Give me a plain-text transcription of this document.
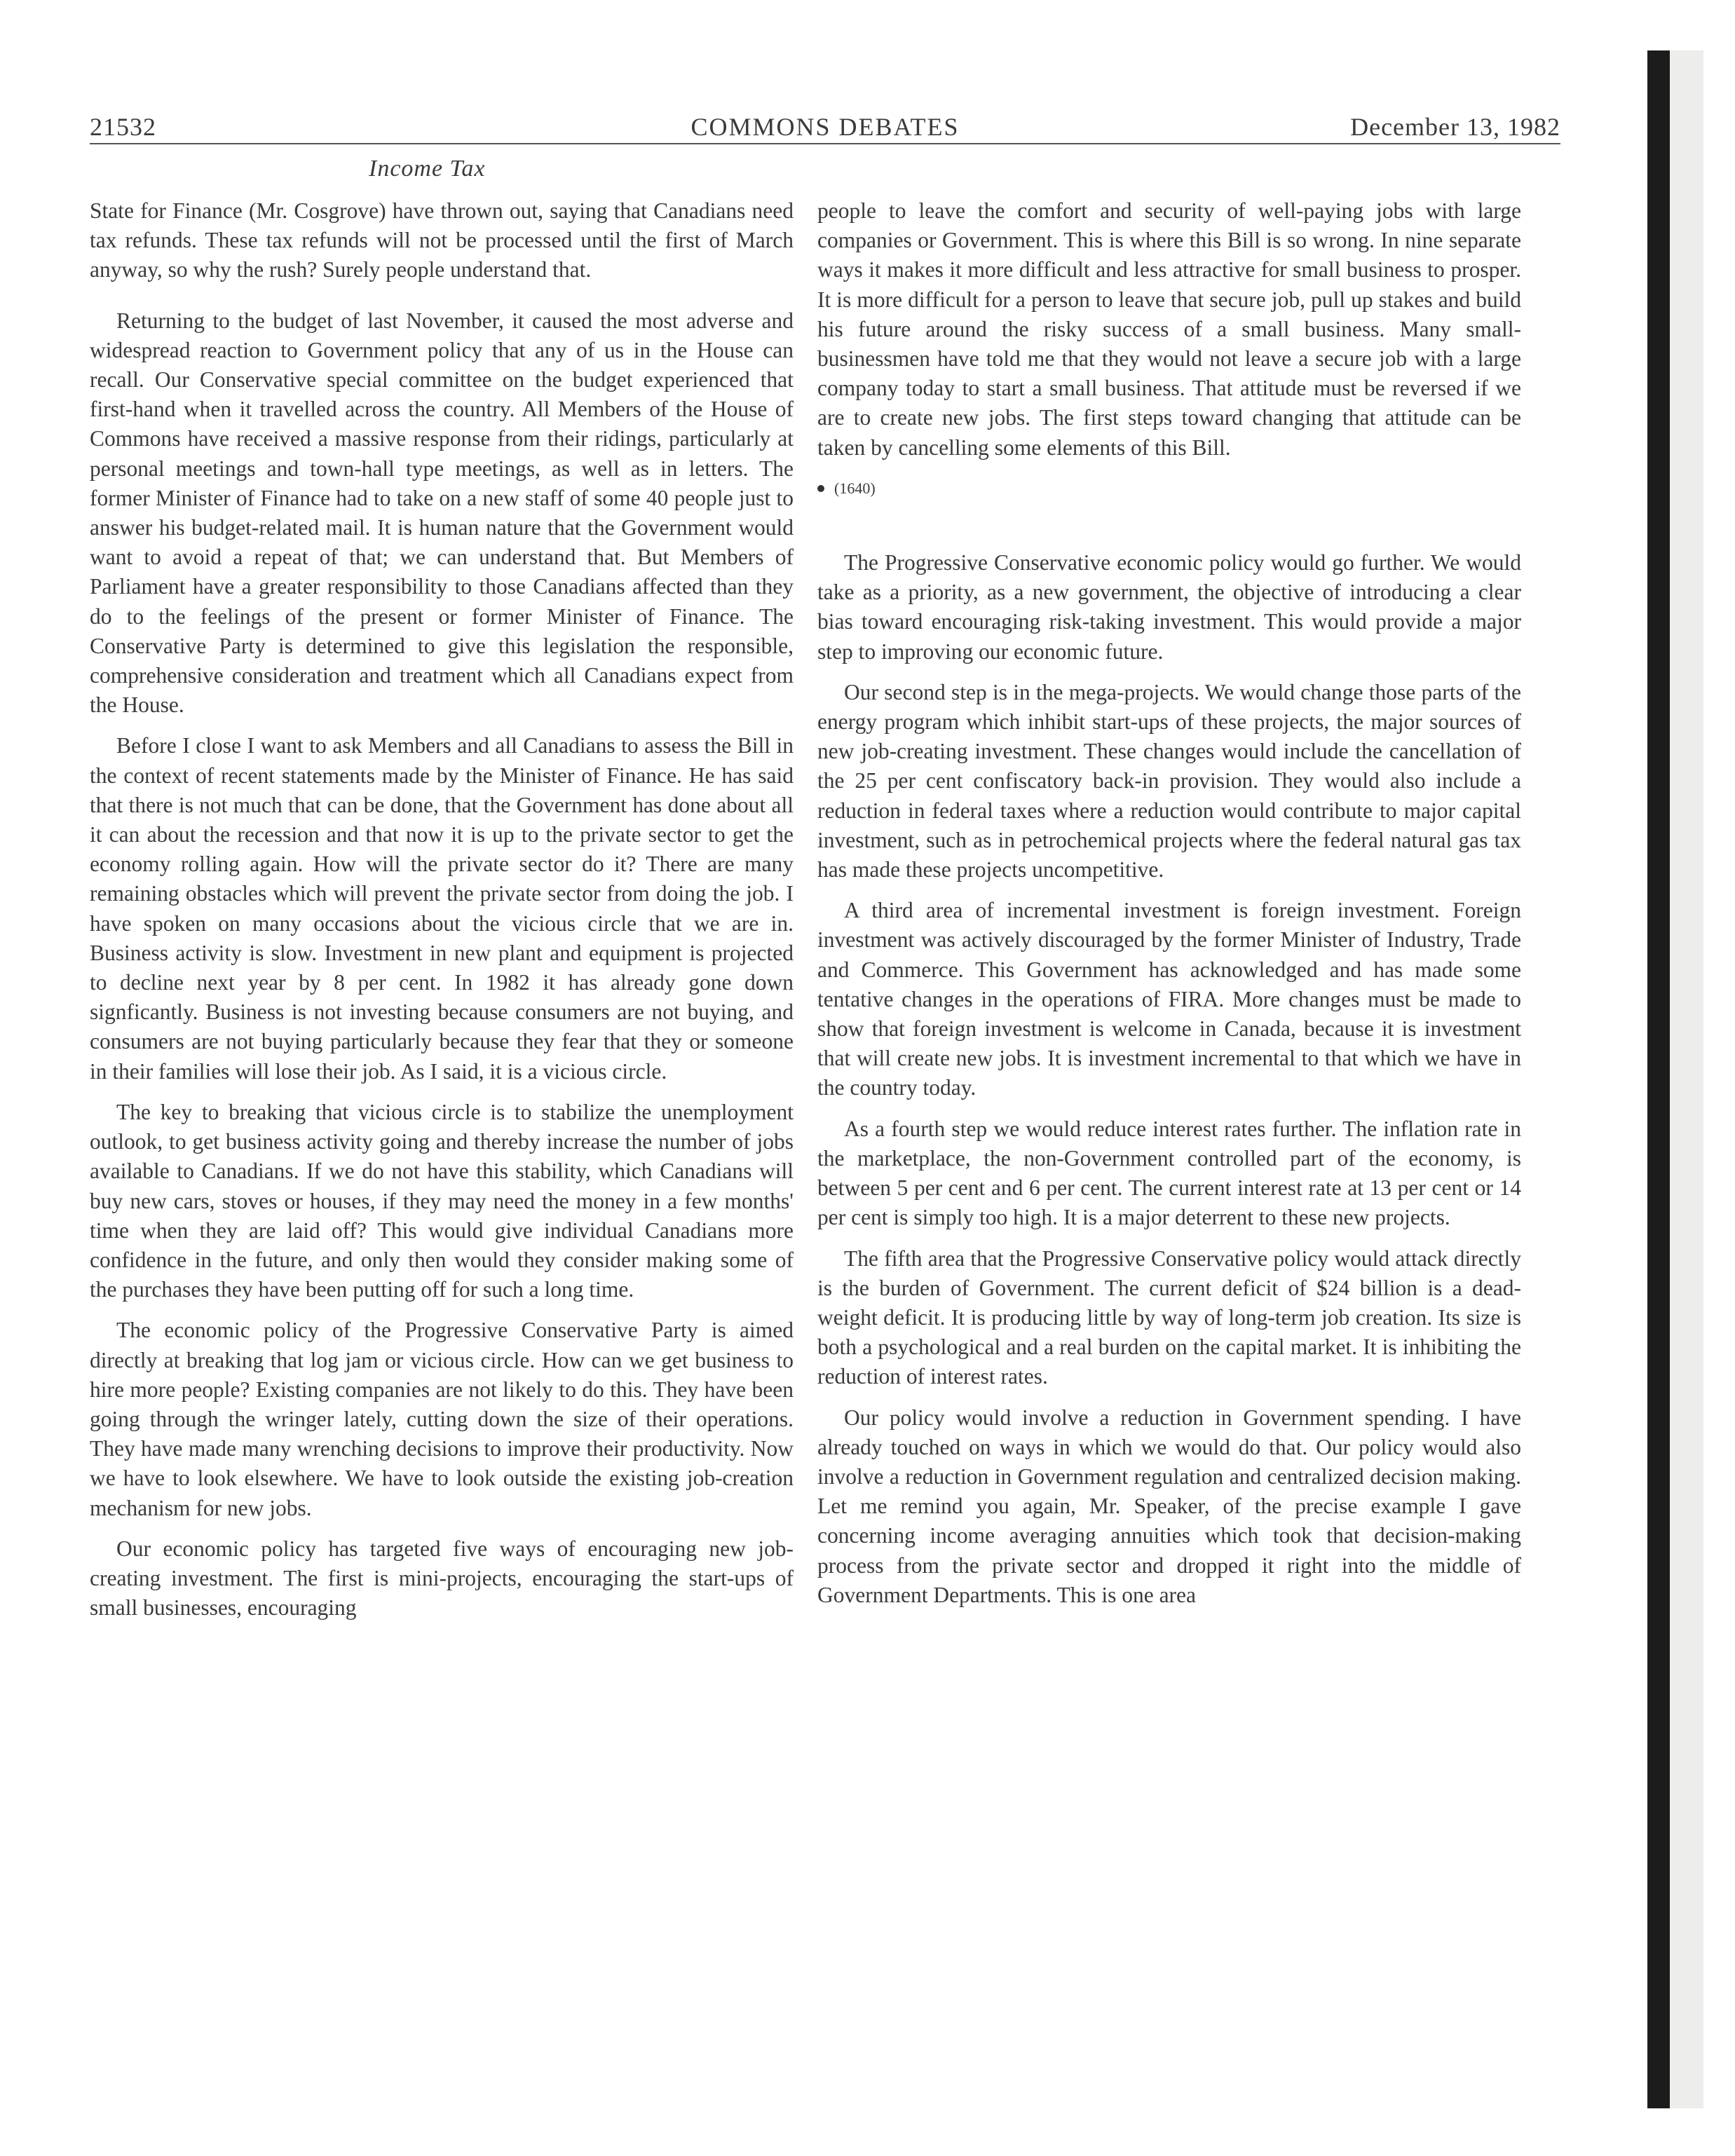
21532	COMMONS DEBATES	December 13, 1982
Income Tax

State for Finance (Mr. Cosgrove) have thrown out, saying that Canadians need tax refunds. These tax refunds will not be processed until the first of March anyway, so why the rush? Surely people understand that.

Returning to the budget of last November, it caused the most adverse and widespread reaction to Government policy that any of us in the House can recall. Our Conservative special committee on the budget experienced that first-hand when it travelled across the country. All Members of the House of Commons have received a massive response from their ridings, particularly at personal meetings and town-hall type meetings, as well as in letters. The former Minister of Finance had to take on a new staff of some 40 people just to answer his budget-related mail. It is human nature that the Government would want to avoid a repeat of that; we can understand that. But Members of Parliament have a greater responsibility to those Canadians affected than they do to the feelings of the present or former Minister of Finance. The Conservative Party is determined to give this legislation the responsible, comprehensive consideration and treatment which all Canadians expect from the House.

Before I close I want to ask Members and all Canadians to assess the Bill in the context of recent statements made by the Minister of Finance. He has said that there is not much that can be done, that the Government has done about all it can about the recession and that now it is up to the private sector to get the economy rolling again. How will the private sector do it? There are many remaining obstacles which will prevent the private sector from doing the job. I have spoken on many occasions about the vicious circle that we are in. Business activity is slow. Investment in new plant and equipment is projected to decline next year by 8 per cent. In 1982 it has already gone down signficantly. Business is not investing because consumers are not buying, and consumers are not buying particularly because they fear that they or someone in their families will lose their job. As I said, it is a vicious circle.

The key to breaking that vicious circle is to stabilize the unemployment outlook, to get business activity going and thereby increase the number of jobs available to Canadians. If we do not have this stability, which Canadians will buy new cars, stoves or houses, if they may need the money in a few months' time when they are laid off? This would give individual Canadians more confidence in the future, and only then would they consider making some of the purchases they have been putting off for such a long time.

The economic policy of the Progressive Conservative Party is aimed directly at breaking that log jam or vicious circle. How can we get business to hire more people? Existing companies are not likely to do this. They have been going through the wringer lately, cutting down the size of their operations. They have made many wrenching decisions to improve their productivity. Now we have to look elsewhere. We have to look outside the existing job-creation mechanism for new jobs.

Our economic policy has targeted five ways of encouraging new job-creating investment. The first is mini-projects, encouraging the start-ups of small businesses, encouraging

people to leave the comfort and security of well-paying jobs with large companies or Government. This is where this Bill is so wrong. In nine separate ways it makes it more difficult and less attractive for small business to prosper. It is more difficult for a person to leave that secure job, pull up stakes and build his future around the risky success of a small business. Many small-businessmen have told me that they would not leave a secure job with a large company today to start a small business. That attitude must be reversed if we are to create new jobs. The first steps toward changing that attitude can be taken by cancelling some elements of this Bill.

(1640)

The Progressive Conservative economic policy would go further. We would take as a priority, as a new government, the objective of introducing a clear bias toward encouraging risk-taking investment. This would provide a major step to improving our economic future.

Our second step is in the mega-projects. We would change those parts of the energy program which inhibit start-ups of these projects, the major sources of new job-creating investment. These changes would include the cancellation of the 25 per cent confiscatory back-in provision. They would also include a reduction in federal taxes where a reduction would contribute to major capital investment, such as in petrochemical projects where the federal natural gas tax has made these projects uncompetitive.

A third area of incremental investment is foreign investment. Foreign investment was actively discouraged by the former Minister of Industry, Trade and Commerce. This Government has acknowledged and has made some tentative changes in the operations of FIRA. More changes must be made to show that foreign investment is welcome in Canada, because it is investment that will create new jobs. It is investment incremental to that which we have in the country today.

As a fourth step we would reduce interest rates further. The inflation rate in the marketplace, the non-Government controlled part of the economy, is between 5 per cent and 6 per cent. The current interest rate at 13 per cent or 14 per cent is simply too high. It is a major deterrent to these new projects.

The fifth area that the Progressive Conservative policy would attack directly is the burden of Government. The current deficit of $24 billion is a dead-weight deficit. It is producing little by way of long-term job creation. Its size is both a psychological and a real burden on the capital market. It is inhibiting the reduction of interest rates.

Our policy would involve a reduction in Government spending. I have already touched on ways in which we would do that. Our policy would also involve a reduction in Government regulation and centralized decision making. Let me remind you again, Mr. Speaker, of the precise example I gave concerning income averaging annuities which took that decision-making process from the private sector and dropped it right into the middle of Government Departments. This is one area
